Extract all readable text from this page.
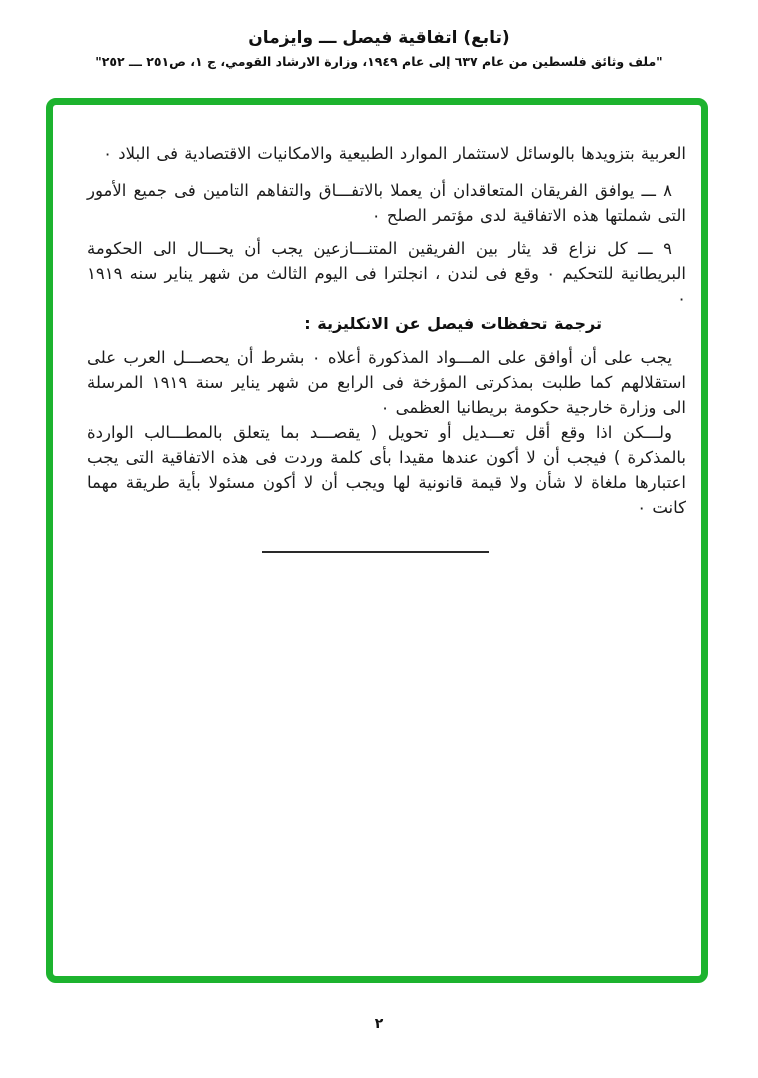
(تابع) اتفاقية فيصل ـــ وايزمان
"ملف وثائق فلسطين من عام ٦٣٧ إلى عام ١٩٤٩، وزارة الارشاد القومي، ج ١، ص٢٥١ ـــ ٢٥٢"

العربية بتزويدها بالوسائل لاستثمار الموارد الطبيعية والامكانيات الاقتصادية فى البلاد ٠

٨ ـــ يوافق الفريقان المتعاقدان أن يعملا بالاتفـــاق والتفاهم التامين فى جميع الأمور التى شملتها هذه الاتفاقية لدى مؤتمر الصلح ٠

٩ ـــ كل نزاع قد يثار بين الفريقين المتنـــازعين يجب أن يحـــال الى الحكومة البريطانية للتحكيم ٠ وقع فى لندن ، انجلترا فى اليوم الثالث من شهر يناير سنه ١٩١٩ ٠

ترجمة تحفظات فيصل عن الانكليزية :

يجب على أن أوافق على المـــواد المذكورة أعلاه ٠ بشرط أن يحصـــل العرب على استقلالهم كما طلبت بمذكرتى المؤرخة فى الرابع من شهر يناير سنة ١٩١٩ المرسلة الى وزارة خارجية حكومة بريطانيا العظمى ٠

ولـــكن اذا وقع أقل تعـــديل أو تحويل ( يقصـــد بما يتعلق بالمطـــالب الواردة بالمذكرة ) فيجب أن لا أكون عندها مقيدا بأى كلمة وردت فى هذه الاتفاقية التى يجب اعتبارها ملغاة لا شأن ولا قيمة قانونية لها ويجب أن لا أكون مسئولا بأية طريقة مهما كانت ٠

٢
